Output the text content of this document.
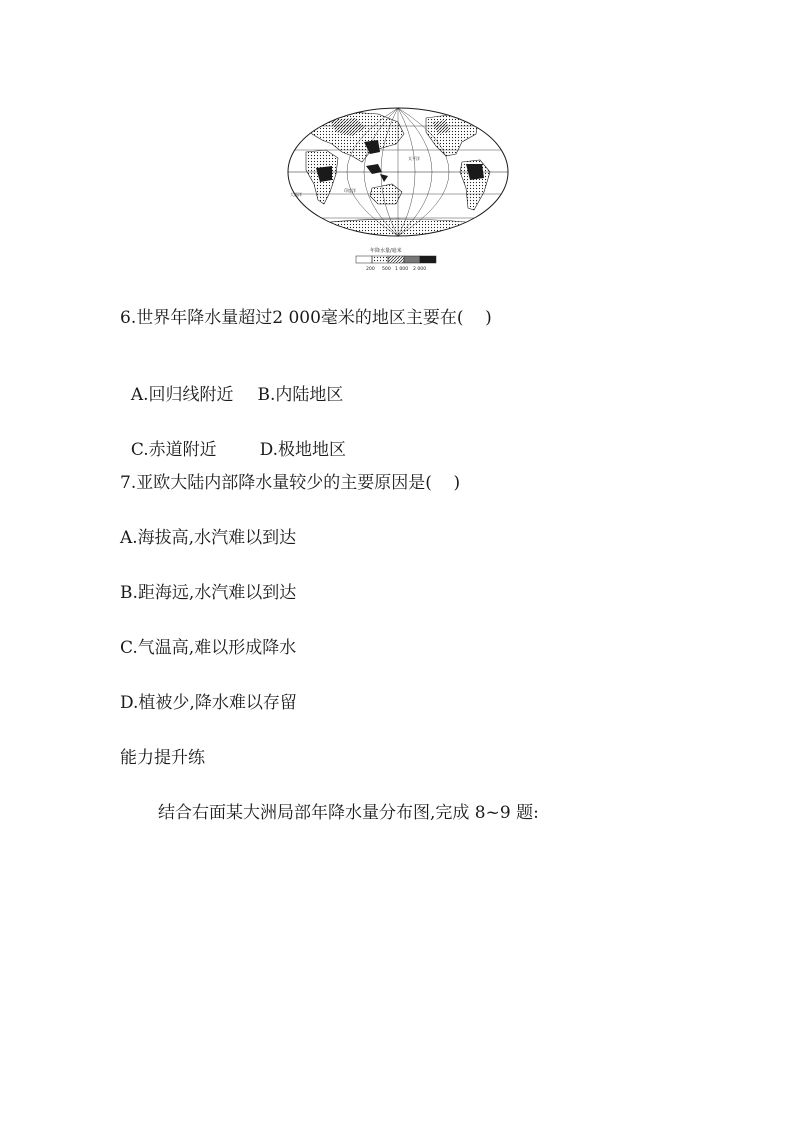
太平洋
印度洋
大西洋
年降水量/毫米
200 500 1 000 2 000
6.世界年降水量超过2 000毫米的地区主要在(    )

A.回归线附近 B.内陆地区

C.赤道附近	D.极地地区

7.亚欧大陆内部降水量较少的主要原因是(    )
A.海拔高,水汽难以到达
B.距海远,水汽难以到达
C.气温高,难以形成降水
D.植被少,降水难以存留
能力提升练
结合右面某大洲局部年降水量分布图,完成 8~9 题:
